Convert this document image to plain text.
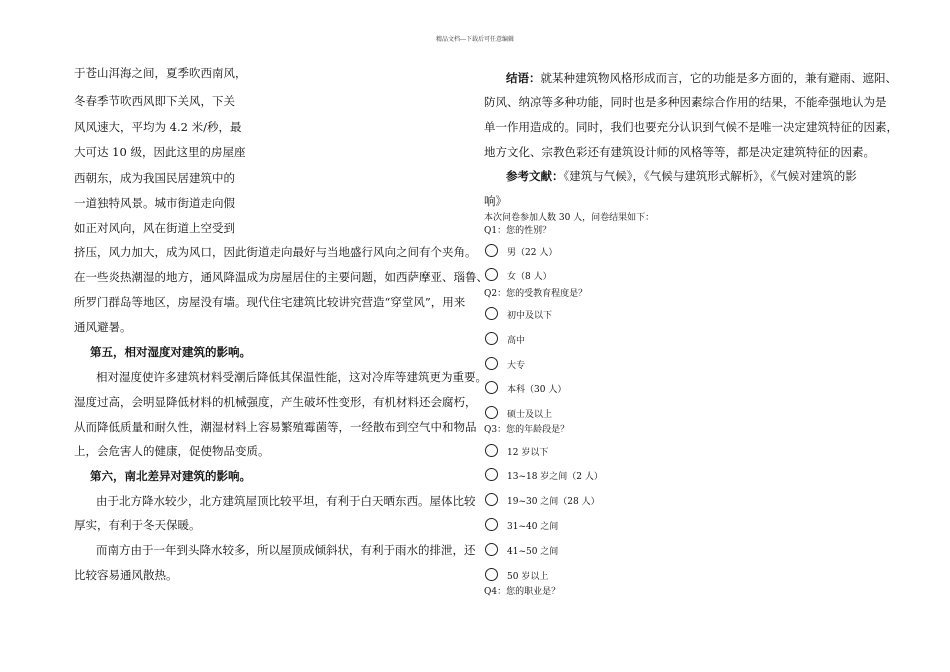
精品文档---下载后可任意编辑
于苍山洱海之间，夏季吹西南风，
冬春季节吹西风即下关风，下关
风风速大，平均为 4.2 米/秒，最
大可达 10 级，因此这里的房屋座
西朝东，成为我国民居建筑中的
一道独特风景。城市街道走向假
如正对风向，风在街道上空受到
挤压，风力加大，成为风口，因此街道走向最好与当地盛行风向之间有个夹角。
在一些炎热潮湿的地方，通风降温成为房屋居住的主要问题，如西萨摩亚、瑙鲁、
所罗门群岛等地区，房屋没有墙。现代住宅建筑比较讲究营造“穿堂风”，用来
通风避暑。
第五，相对湿度对建筑的影响。
相对湿度使许多建筑材料受潮后降低其保温性能，这对冷库等建筑更为重要。
湿度过高，会明显降低材料的机械强度，产生破坏性变形，有机材料还会腐朽，
从而降低质量和耐久性，潮湿材料上容易繁殖霉菌等，一经散布到空气中和物品
上，会危害人的健康，促使物品变质。
第六，南北差异对建筑的影响。
由于北方降水较少，北方建筑屋顶比较平坦，有利于白天晒东西。屋体比较
厚实，有利于冬天保暖。
而南方由于一年到头降水较多，所以屋顶成倾斜状，有利于雨水的排泄，还
比较容易通风散热。
结语：就某种建筑物风格形成而言，它的功能是多方面的，兼有避雨、遮阳、
防风、纳凉等多种功能，同时也是多种因素综合作用的结果，不能牵强地认为是
单一作用造成的。同时，我们也要充分认识到气候不是唯一决定建筑特征的因素，
地方文化、宗教色彩还有建筑设计师的风格等等，都是决定建筑特征的因素。
参考文献：《建筑与气候》，《气候与建筑形式解析》，《气候对建筑的影
响》
本次问卷参加人数 30 人，问卷结果如下：
Q1：您的性别？
男（22 人）
女（8 人）
Q2：您的受教育程度是？
初中及以下
高中
大专
本科（30 人）
硕士及以上
Q3：您的年龄段是？
12 岁以下
13~18 岁之间（2 人）
19~30 之间（28 人）
31~40 之间
41~50 之间
50 岁以上
Q4：您的职业是？
